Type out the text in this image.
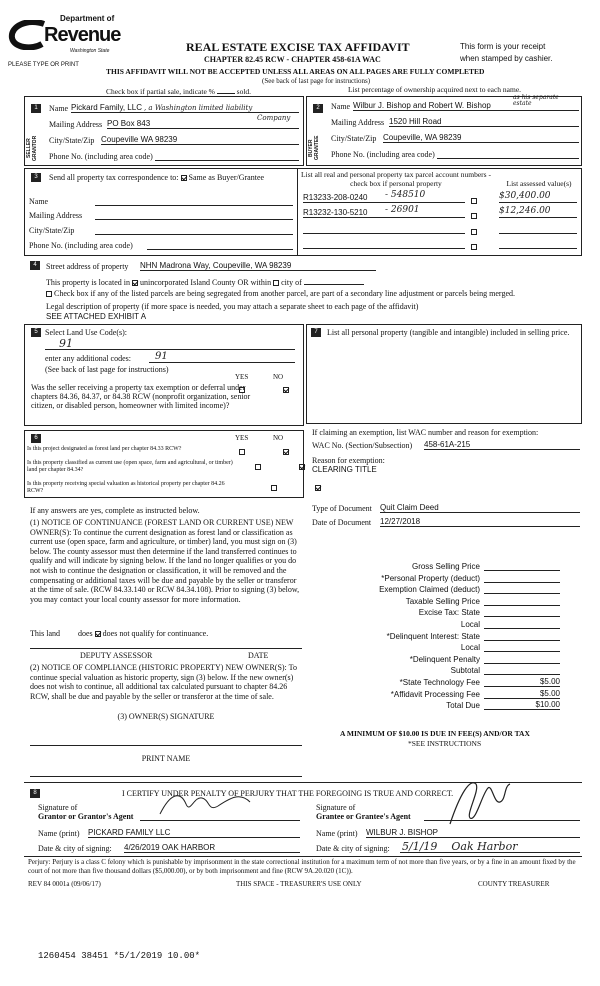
Department of
Revenue
Washington State
PLEASE TYPE OR PRINT
REAL ESTATE EXCISE TAX AFFIDAVIT
CHAPTER 82.45 RCW - CHAPTER 458-61A WAC
This form is your receipt
when stamped by cashier.
THIS AFFIDAVIT WILL NOT BE ACCEPTED UNLESS ALL AREAS ON ALL PAGES ARE FULLY COMPLETED
(See back of last page for instructions)
Check box if partial sale, indicate %	sold.	List percentage of ownership acquired next to each name.
1
SELLER GRANTOR
Name Pickard Family, LLC , a Washington limited liability
Mailing Address PO Box 843
Company
City/State/Zip Coupeville WA 98239
Phone No. (including area code)
2
BUYER GRANTEE
Name Wilbur J. Bishop and Robert W. Bishop
as his separate estate
Mailing Address 1520 Hill Road
City/State/Zip Coupeville, WA 98239
Phone No. (including area code)
3	Send all property tax correspondence to: Same as Buyer/Grantee
Name
Mailing Address
City/State/Zip
Phone No. (including area code)
List all real and personal property tax parcel account numbers - check box if personal property	List assessed value(s)
R13233-208-0240	- 548510	$30,400.00
R13232-130-5210	- 26901	$12,246.00
4	Street address of property NHN Madrona Way, Coupeville, WA 98239
This property is located in unincorporated Island County OR within city of
Check box if any of the listed parcels are being segregated from another parcel, are part of a secondary line adjustment or parcels being merged.
Legal description of property (if more space is needed, you may attach a separate sheet to each page of the affidavit)
SEE ATTACHED EXHIBIT A
5 Select Land Use Code(s):
91
enter any additional codes:	91
(See back of last page for instructions)
YES	NO
Was the seller receiving a property tax exemption or deferral under chapters 84.36, 84.37, or 84.38 RCW (nonprofit organization, senior citizen, or disabled person, homeowner with limited income)?

7	List all personal property (tangible and intangible) included in selling price.
If claiming an exemption, list WAC number and reason for exemption:
WAC No. (Section/Subsection) 458-61A-215
Reason for exemption:
CLEARING TITLE
Type of Document Quit Claim Deed
Date of Document 12/27/2018
Gross Selling Price
*Personal Property (deduct)
Exemption Claimed (deduct)
Taxable Selling Price
Excise Tax: State
Local
*Delinquent Interest: State
Local
*Delinquent Penalty
Subtotal
*State Technology Fee	$5.00
*Affidavit Processing Fee	$5.00
Total Due	$10.00
A MINIMUM OF $10.00 IS DUE IN FEE(S) AND/OR TAX
*SEE INSTRUCTIONS
6	YES	NO
Is this project designated as forest land per chapter 84.33 RCW?

Is this property classified as current use (open space, farm and agricultural, or timber) land per chapter 84.34?

Is this property receiving special valuation as historical property per chapter 84.26 RCW?

If any answers are yes, complete as instructed below.
(1) NOTICE OF CONTINUANCE (FOREST LAND OR CURRENT USE) NEW OWNER(S): To continue the current designation as forest land or classification as current use (open space, farm and agriculture, or timber) land, you must sign on (3) below. The county assessor must then determine if the land transferred continues to qualify and will indicate by signing below. If the land no longer qualifies or you do not wish to continue the designation or classification, it will be removed and the compensating or additional taxes will be due and payable by the seller or transferor at the time of sale. (RCW 84.33.140 or RCW 84.34.108). Prior to signing (3) below, you may contact your local county assessor for more information.
This land does does not qualify for continuance.
DEPUTY ASSESSOR	DATE
(2) NOTICE OF COMPLIANCE (HISTORIC PROPERTY) NEW OWNER(S): To continue special valuation as historic property, sign (3) below. If the new owner(s) does not wish to continue, all additional tax calculated pursuant to chapter 84.26 RCW, shall be due and payable by the seller or transferor at the time of sale.
(3) OWNER(S) SIGNATURE
PRINT NAME
8	I CERTIFY UNDER PENALTY OF PERJURY THAT THE FOREGOING IS TRUE AND CORRECT.
Signature of
Grantor or Grantor's Agent
Name (print) PICKARD FAMILY LLC
Date & city of signing: 4/26/2019 OAK HARBOR
Signature of
Grantee or Grantee's Agent
Name (print) WILBUR J. BISHOP
Date & city of signing: 5/1/19 Oak Harbor
Perjury: Perjury is a class C felony which is punishable by imprisonment in the state correctional institution for a maximum term of not more than five years, or by a fine in an amount fixed by the court of not more than five thousand dollars ($5,000.00), or by both imprisonment and fine (RCW 9A.20.020 (1C)).
REV 84 0001a (09/06/17)	THIS SPACE - TREASURER'S USE ONLY	COUNTY TREASURER
1260454 38451 *5/1/2019 10.00*
